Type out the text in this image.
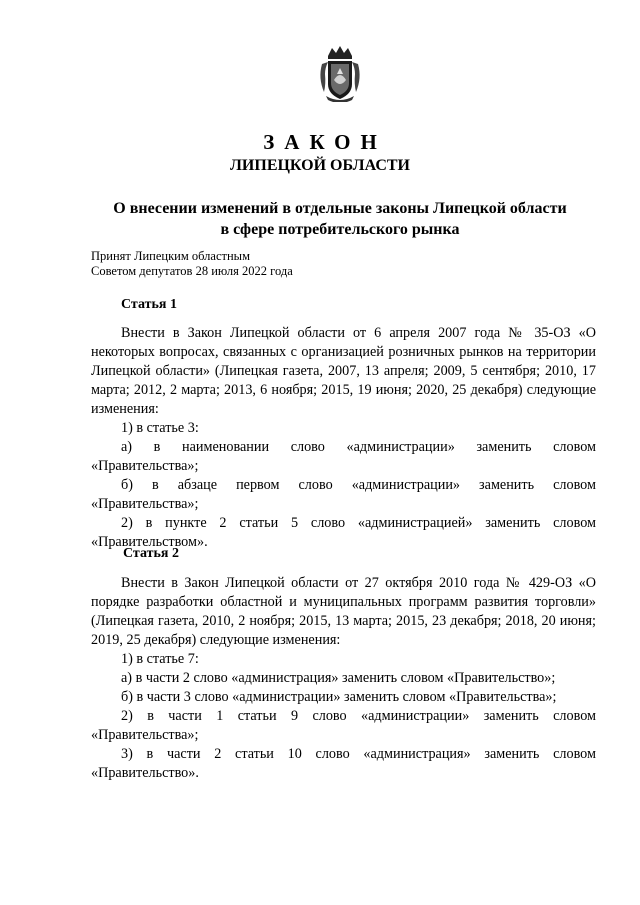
ЗАКОН
ЛИПЕЦКОЙ ОБЛАСТИ
О внесении изменений в отдельные законы Липецкой области
в сфере потребительского рынка
Принят Липецким областным
Советом депутатов 28 июля 2022 года
Статья 1

Внести в Закон Липецкой области от 6 апреля 2007 года № 35-ОЗ «О некоторых вопросах, связанных с организацией розничных рынков на территории Липецкой области» (Липецкая газета, 2007, 13 апреля; 2009, 5 сентября; 2010, 17 марта; 2012, 2 марта; 2013, 6 ноября; 2015, 19 июня; 2020, 25 декабря) следующие изменения:

1) в статье 3:

а) в наименовании слово «администрации» заменить словом «Правительства»;

б) в абзаце первом слово «администрации» заменить словом «Правительства»;

2) в пункте 2 статьи 5 слово «администрацией» заменить словом «Правительством».

Статья 2

Внести в Закон Липецкой области от 27 октября 2010 года № 429-ОЗ «О порядке разработки областной и муниципальных программ развития торговли» (Липецкая газета, 2010, 2 ноября; 2015, 13 марта; 2015, 23 декабря; 2018, 20 июня; 2019, 25 декабря) следующие изменения:

1) в статье 7:

а) в части 2 слово «администрация» заменить словом «Правительство»;

б) в части 3 слово «администрации» заменить словом «Правительства»;

2) в части 1 статьи 9 слово «администрации» заменить словом «Правительства»;

3) в части 2 статьи 10 слово «администрация» заменить словом «Правительство».
